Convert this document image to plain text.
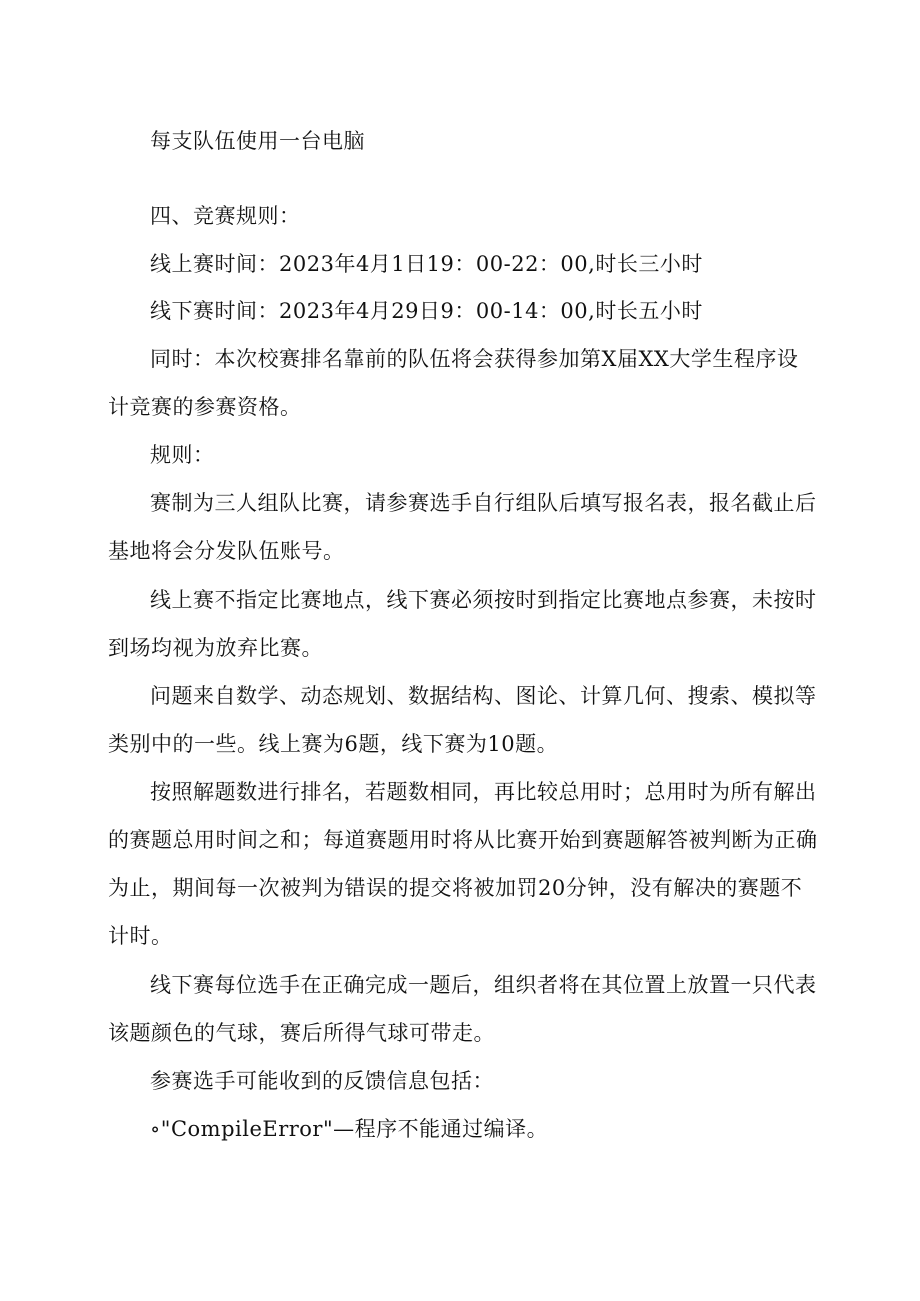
每支队伍使用一台电脑
四、竞赛规则：
线上赛时间：2023年4月1日19：00-22：00,时长三小时
线下赛时间：2023年4月29日9：00-14：00,时长五小时
同时：本次校赛排名靠前的队伍将会获得参加第X届XX大学生程序设
计竞赛的参赛资格。
规则：
赛制为三人组队比赛，请参赛选手自行组队后填写报名表，报名截止后
基地将会分发队伍账号。
线上赛不指定比赛地点，线下赛必须按时到指定比赛地点参赛，未按时
到场均视为放弃比赛。
问题来自数学、动态规划、数据结构、图论、计算几何、搜索、模拟等
类别中的一些。线上赛为6题，线下赛为10题。
按照解题数进行排名，若题数相同，再比较总用时；总用时为所有解出
的赛题总用时间之和；每道赛题用时将从比赛开始到赛题解答被判断为正确
为止，期间每一次被判为错误的提交将被加罚20分钟，没有解决的赛题不
计时。
线下赛每位选手在正确完成一题后，组织者将在其位置上放置一只代表
该题颜色的气球，赛后所得气球可带走。
参赛选手可能收到的反馈信息包括：
∘"CompileError"—程序不能通过编译。
